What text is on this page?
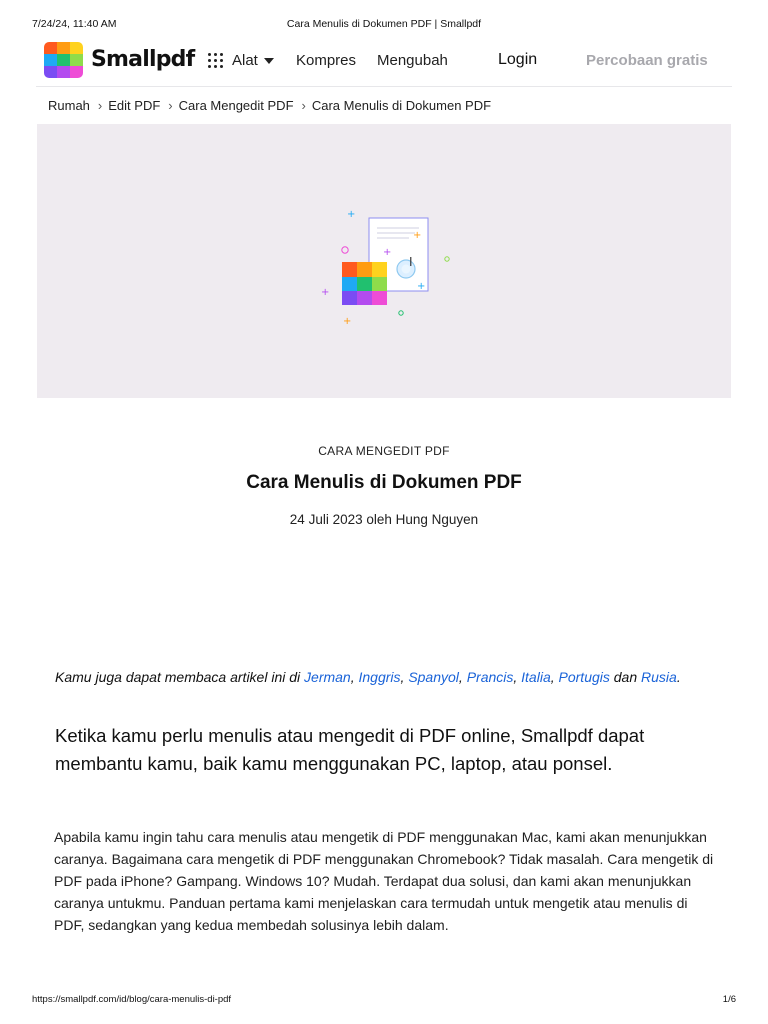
7/24/24, 11:40 AM	Cara Menulis di Dokumen PDF | Smallpdf
Smallpdf	Alat	Kompres Mengubah	Login	Percobaan gratis
Rumah › Edit PDF › Cara Mengedit PDF › Cara Menulis di Dokumen PDF
I
+
+
+
+
+
+
CARA MENGEDIT PDF
Cara Menulis di Dokumen PDF
24 Juli 2023 oleh Hung Nguyen

Kamu juga dapat membaca artikel ini di Jerman, Inggris, Spanyol, Prancis, Italia, Portugis dan Rusia.

Ketika kamu perlu menulis atau mengedit di PDF online, Smallpdf dapat membantu kamu, baik kamu menggunakan PC, laptop, atau ponsel.

Apabila kamu ingin tahu cara menulis atau mengetik di PDF menggunakan Mac, kami akan menunjukkan caranya. Bagaimana cara mengetik di PDF menggunakan Chromebook? Tidak masalah. Cara mengetik di PDF pada iPhone? Gampang. Windows 10? Mudah. Terdapat dua solusi, dan kami akan menunjukkan caranya untukmu. Panduan pertama kami menjelaskan cara termudah untuk mengetik atau menulis di PDF, sedangkan yang kedua membedah solusinya lebih dalam.

https://smallpdf.com/id/blog/cara-menulis-di-pdf	1/6
